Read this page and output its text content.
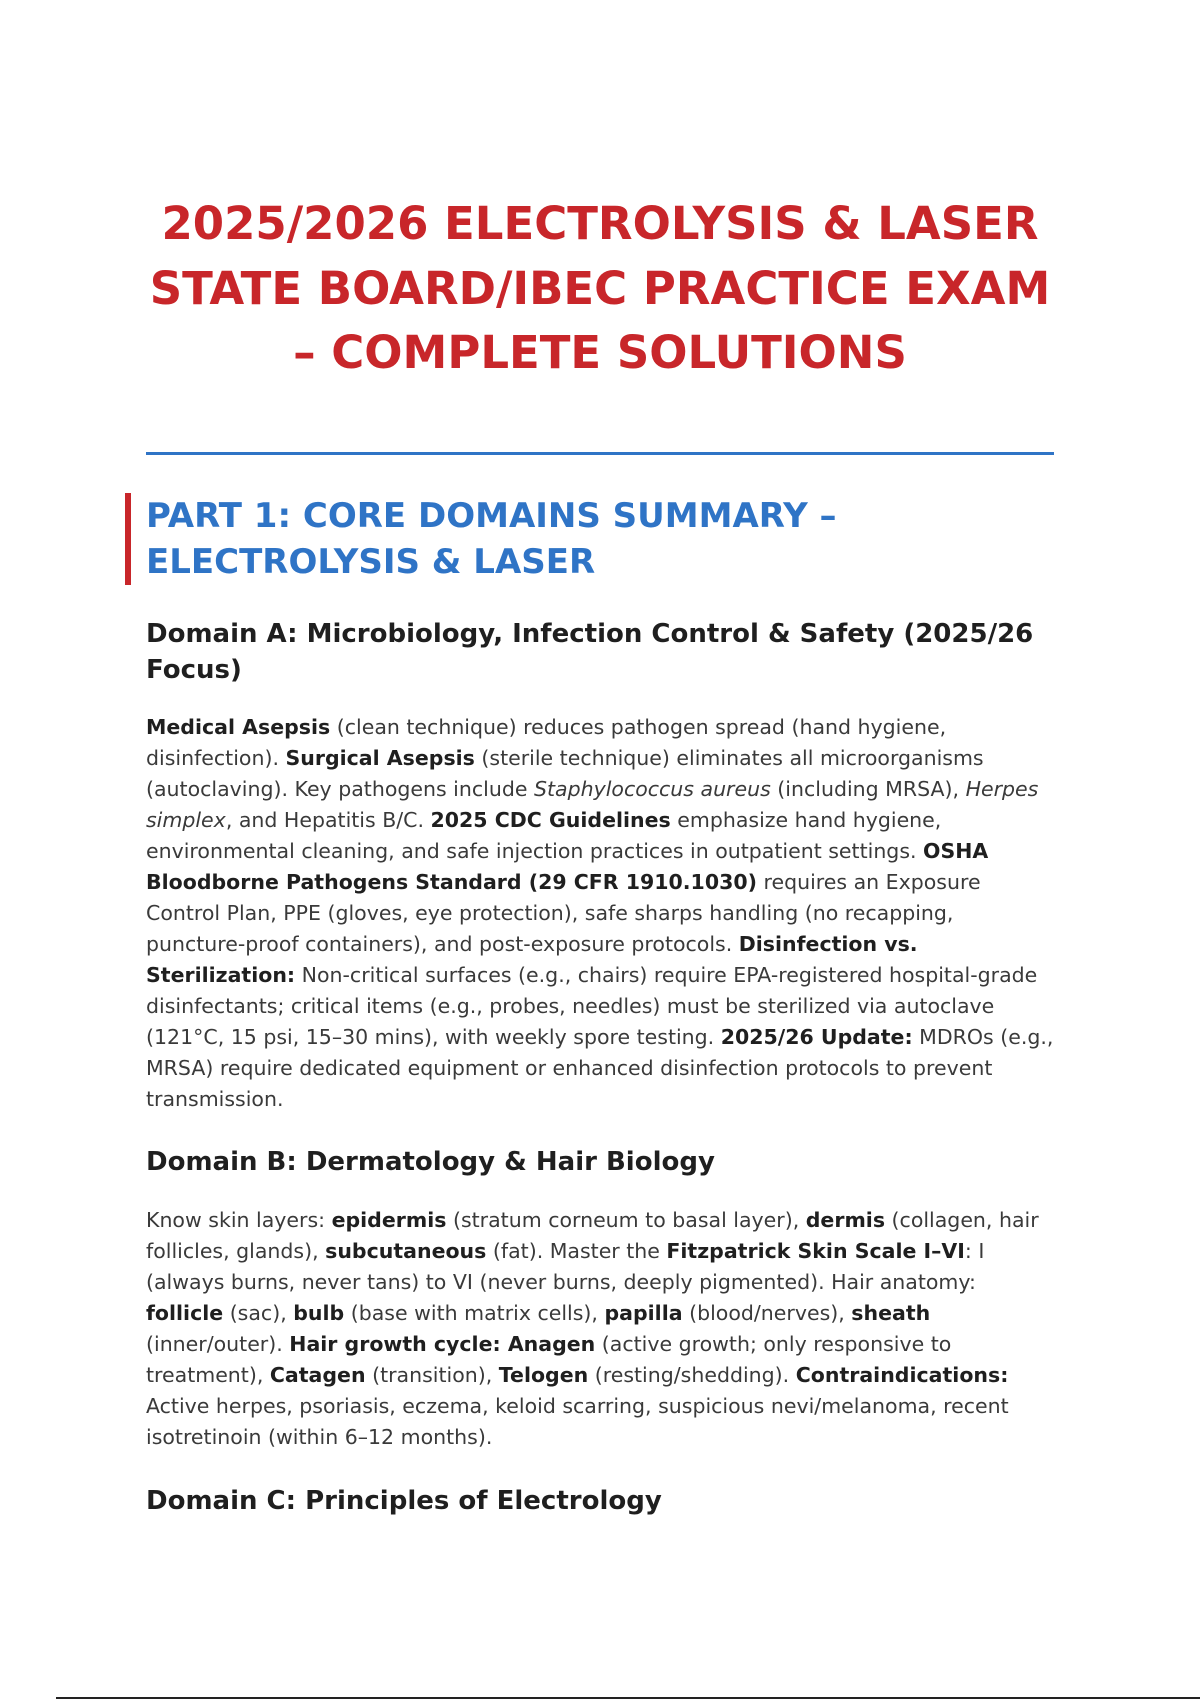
2025/2026 ELECTROLYSIS & LASER STATE BOARD/IBEC PRACTICE EXAM – COMPLETE SOLUTIONS
PART 1: CORE DOMAINS SUMMARY – ELECTROLYSIS & LASER
Domain A: Microbiology, Infection Control & Safety (2025/26 Focus)

Medical Asepsis (clean technique) reduces pathogen spread (hand hygiene, disinfection). Surgical Asepsis (sterile technique) eliminates all microorganisms (autoclaving). Key pathogens include Staphylococcus aureus (including MRSA), Herpes simplex, and Hepatitis B/C. 2025 CDC Guidelines emphasize hand hygiene, environmental cleaning, and safe injection practices in outpatient settings. OSHA Bloodborne Pathogens Standard (29 CFR 1910.1030) requires an Exposure Control Plan, PPE (gloves, eye protection), safe sharps handling (no recapping, puncture-proof containers), and post-exposure protocols. Disinfection vs. Sterilization: Non-critical surfaces (e.g., chairs) require EPA-registered hospital-grade disinfectants; critical items (e.g., probes, needles) must be sterilized via autoclave (121°C, 15 psi, 15–30 mins), with weekly spore testing. 2025/26 Update: MDROs (e.g., MRSA) require dedicated equipment or enhanced disinfection protocols to prevent transmission.

Domain B: Dermatology & Hair Biology

Know skin layers: epidermis (stratum corneum to basal layer), dermis (collagen, hair follicles, glands), subcutaneous (fat). Master the Fitzpatrick Skin Scale I–VI: I (always burns, never tans) to VI (never burns, deeply pigmented). Hair anatomy: follicle (sac), bulb (base with matrix cells), papilla (blood/nerves), sheath (inner/outer). Hair growth cycle: Anagen (active growth; only responsive to treatment), Catagen (transition), Telogen (resting/shedding). Contraindications: Active herpes, psoriasis, eczema, keloid scarring, suspicious nevi/melanoma, recent isotretinoin (within 6–12 months).

Domain C: Principles of Electrology
